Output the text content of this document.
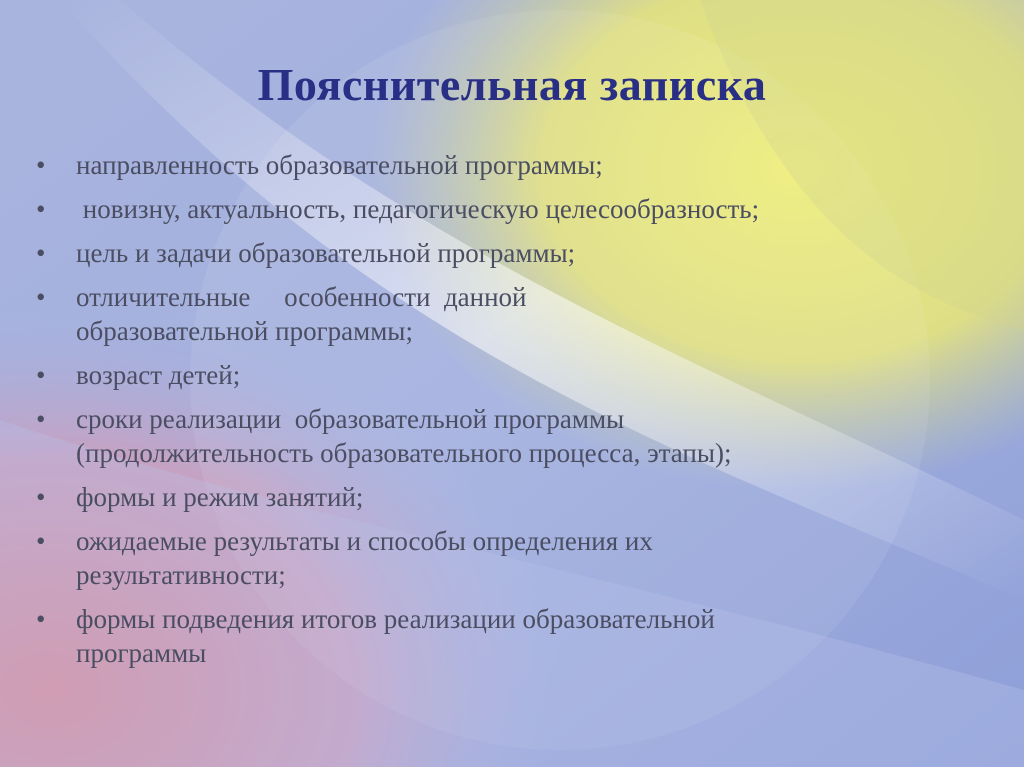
Пояснительная записка
•	направленность образовательной программы;
•	новизну, актуальность, педагогическую целесообразность;
•	цель и задачи образовательной программы;
•	отличительные     особенности  данной
образовательной программы;
•	возраст детей;
•	сроки реализации  образовательной программы
(продолжительность образовательного процесса, этапы);
•	формы и режим занятий;
•	ожидаемые результаты и способы определения их
результативности;
•	формы подведения итогов реализации образовательной
программы
